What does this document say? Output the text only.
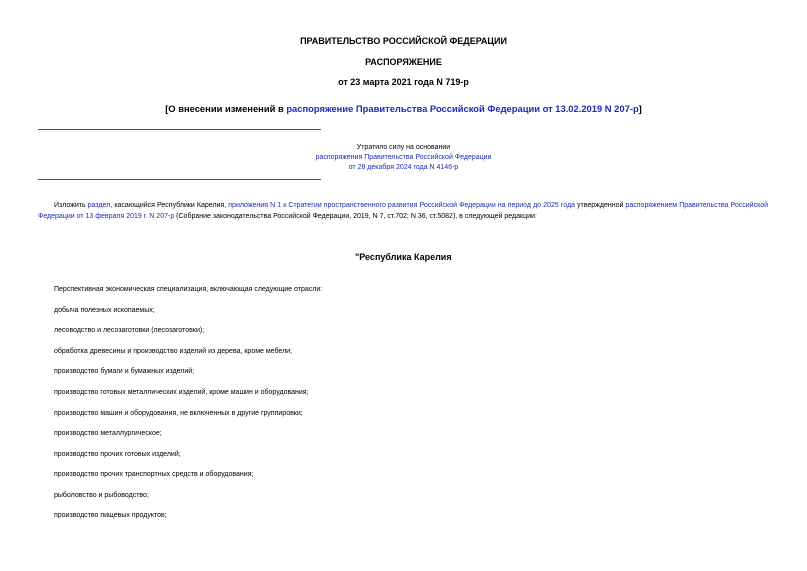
ПРАВИТЕЛЬСТВО РОССИЙСКОЙ ФЕДЕРАЦИИ
РАСПОРЯЖЕНИЕ
от 23 марта 2021 года N 719-р
[О внесении изменений в распоряжение Правительства Российской Федерации от 13.02.2019 N 207-р]
Утратило силу на основании
распоряжения Правительства Российской Федерации
от 28 декабря 2024 года N 4146-р
Изложить раздел, касающийся Республики Карелия, приложения N 1 к Стратегии пространственного развития Российской Федерации на период до 2025 года утвержденной распоряжением Правительства Российской Федерации от 13 февраля 2019 г. N 207-р (Собрание законодательства Российской Федерации, 2019, N 7, ст.702; N 36, ст.5082), в следующей редакции:
"Республика Карелия
Перспективная экономическая специализация, включающая следующие отрасли:
добыча полезных ископаемых;
лесоводство и лесозаготовки (лесозаготовки);
обработка древесины и производство изделий из дерева, кроме мебели;
производство бумаги и бумажных изделий;
производство готовых металлических изделий, кроме машин и оборудования;
производство машин и оборудования, не включенных в другие группировки;
производство металлургическое;
производство прочих готовых изделий;
производство прочих транспортных средств и оборудования;
рыболовство и рыбоводство;
производство пищевых продуктов;
